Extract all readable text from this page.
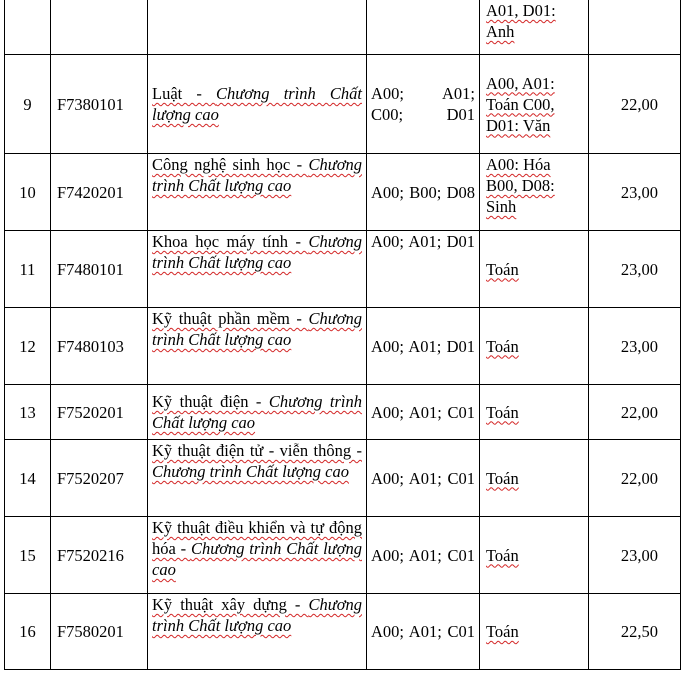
				A01, D01: Anh	
9	F7380101	Luật - Chương trình Chất lượng cao	A00; A01; C00; D01	A00, A01: Toán C00, D01: Văn	22,00
10	F7420201	Công nghệ sinh học - Chương trình Chất lượng cao	A00; B00; D08	A00: Hóa B00, D08: Sinh	23,00
11	F7480101	Khoa học máy tính - Chương trình Chất lượng cao	A00; A01; D01	Toán	23,00
12	F7480103	Kỹ thuật phần mềm - Chương trình Chất lượng cao	A00; A01; D01	Toán	23,00
13	F7520201	Kỹ thuật điện - Chương trình Chất lượng cao	A00; A01; C01	Toán	22,00
14	F7520207	Kỹ thuật điện tử - viễn thông - Chương trình Chất lượng cao	A00; A01; C01	Toán	22,00
15	F7520216	Kỹ thuật điều khiển và tự động hóa - Chương trình Chất lượng cao	A00; A01; C01	Toán	23,00
16	F7580201	Kỹ thuật xây dựng - Chương trình Chất lượng cao	A00; A01; C01	Toán	22,50
